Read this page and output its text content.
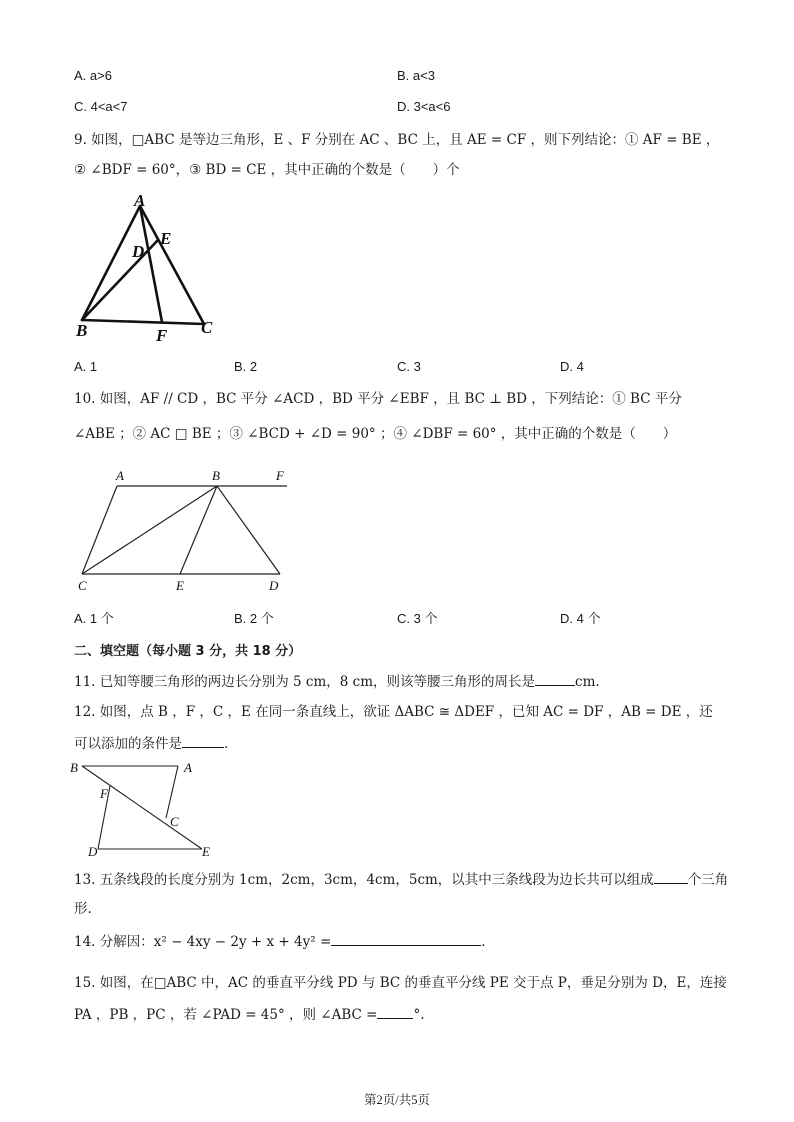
A. a>6	B. a<3
C. 4<a<7	D. 3<a<6
9. 如图，□ABC 是等边三角形，E 、F 分别在 AC 、BC 上，且 AE = CF ，则下列结论：① AF = BE ，
② ∠BDF = 60°，③ BD = CE ，其中正确的个数是（　　）个
A
B	C
D
E
F
A. 1	B. 2	C. 3	D. 4
10. 如图，AF // CD ，BC 平分 ∠ACD ，BD 平分 ∠EBF ，且 BC ⊥ BD ，下列结论：① BC 平分
∠ABE ；② AC □ BE ；③ ∠BCD + ∠D = 90° ；④ ∠DBF = 60° ，其中正确的个数是（　　）
A	B	F
C	E	D
A. 1 个	B. 2 个	C. 3 个	D. 4 个
二、填空题（每小题 3 分，共 18 分）
11. 已知等腰三角形的两边长分别为 5 cm，8 cm，则该等腰三角形的周长是	cm.
12. 如图，点 B ，F ，C ，E 在同一条直线上，欲证 ΔABC ≅ ΔDEF ，已知 AC = DF ，AB = DE ，还
可以添加的条件是	.
B	A
F
C
D	E
13. 五条线段的长度分别为 1cm，2cm，3cm，4cm，5cm，以其中三条线段为边长共可以组成	个三角
形.
14. 分解因：x² − 4xy − 2y + x + 4y² =	.
15. 如图，在□ABC 中，AC 的垂直平分线 PD 与 BC 的垂直平分线 PE 交于点 P，垂足分别为 D，E，连接
PA ，PB ，PC ，若 ∠PAD = 45° ，则 ∠ABC =	°.
第2页/共5页
